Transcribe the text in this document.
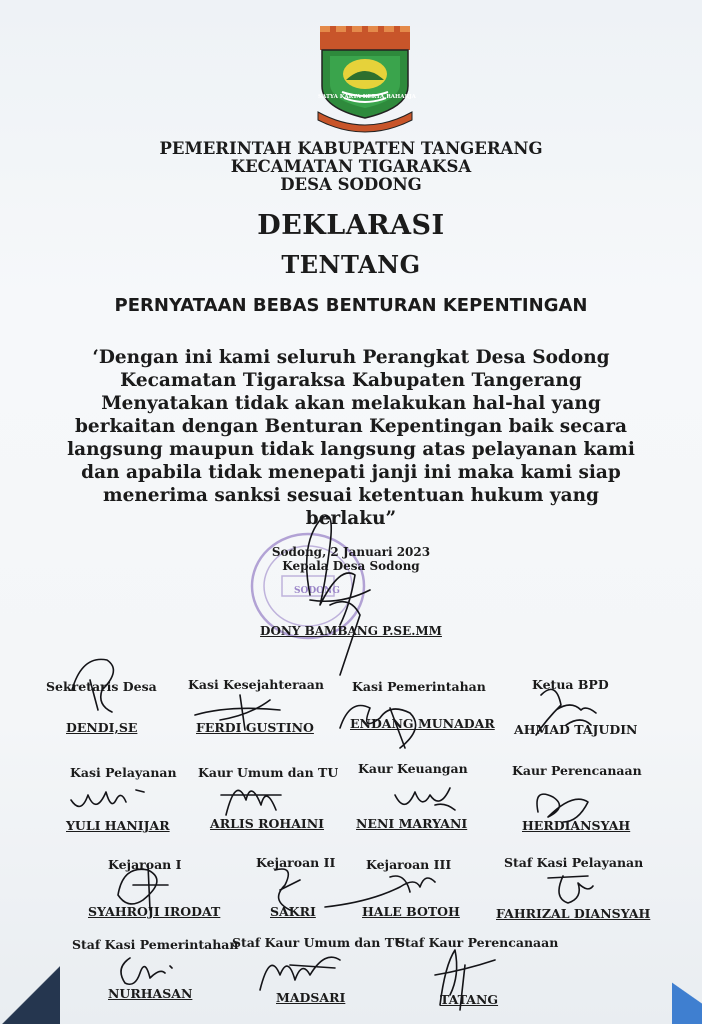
SATYA KARYA KERTA RAHARJA
PEMERINTAH KABUPATEN TANGERANG
KECAMATAN TIGARAKSA
DESA SODONG
DEKLARASI
TENTANG
PERNYATAAN BEBAS BENTURAN KEPENTINGAN
‘Dengan ini kami seluruh Perangkat Desa Sodong
Kecamatan Tigaraksa Kabupaten Tangerang
Menyatakan tidak akan melakukan hal-hal yang
berkaitan dengan Benturan Kepentingan baik secara
langsung maupun tidak langsung atas pelayanan kami
dan apabila tidak menepati janji ini maka kami siap
menerima sanksi sesuai ketentuan hukum yang
berlaku”
SODONG
Sodong, 2 Januari 2023
Kepala Desa Sodong
DONY BAMBANG P.SE.MM
Sekretaris Desa
DENDI,SE
Kasi Kesejahteraan
FERDI GUSTINO
Kasi Pemerintahan
ENDANG MUNADAR
Ketua BPD
AHMAD TAJUDIN
Kasi Pelayanan
YULI HANIJAR
Kaur Umum dan TU
ARLIS ROHAINI
Kaur Keuangan
NENI MARYANI
Kaur Perencanaan
HERDIANSYAH
Kejaroan I
SYAHROJI IRODAT
Kejaroan II
SAKRI
Kejaroan III
HALE BOTOH
Staf Kasi Pelayanan
FAHRIZAL DIANSYAH
Staf Kasi Pemerintahan
NURHASAN
Staf Kaur Umum dan TU
MADSARI
Staf Kaur Perencanaan
TATANG
